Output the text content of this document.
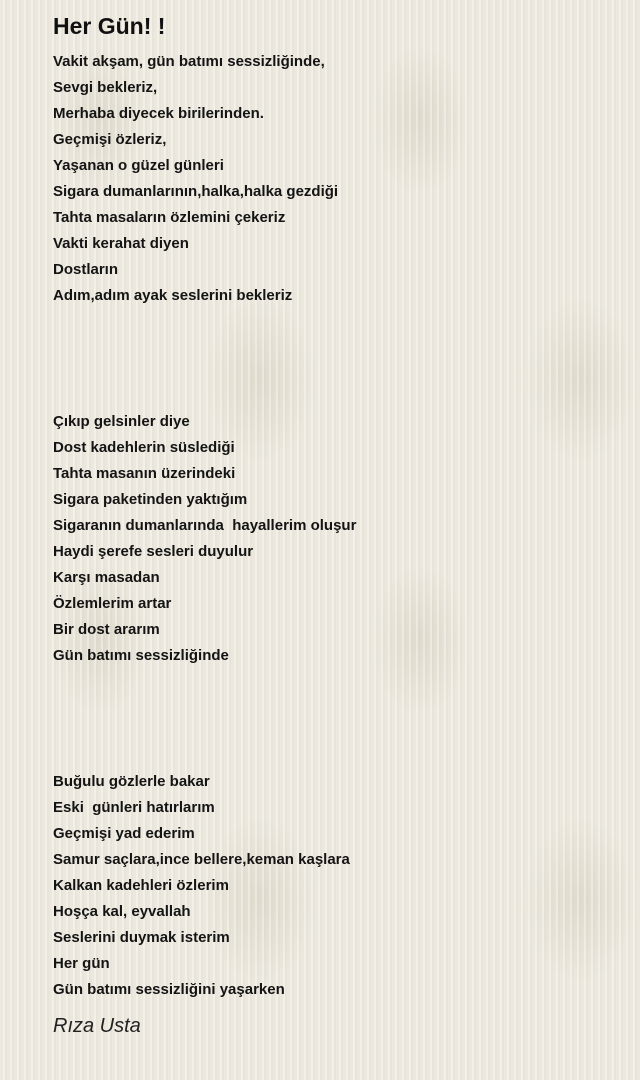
Her Gün! !
Vakit akşam, gün batımı sessizliğinde,
Sevgi bekleriz,
Merhaba diyecek birilerinden.
Geçmişi özleriz,
Yaşanan o güzel günleri
Sigara dumanlarının,halka,halka gezdiği
Tahta masaların özlemini çekeriz
Vakti kerahat diyen
Dostların
Adım,adım ayak seslerini bekleriz
Çıkıp gelsinler diye
Dost kadehlerin süslediği
Tahta masanın üzerindeki
Sigara paketinden yaktığım
Sigaranın dumanlarında  hayallerim oluşur
Haydi şerefe sesleri duyulur
Karşı masadan
Özlemlerim artar
Bir dost ararım
Gün batımı sessizliğinde
Buğulu gözlerle bakar
Eski  günleri hatırlarım
Geçmişi yad ederim
Samur saçlara,ince bellere,keman kaşlara
Kalkan kadehleri özlerim
Hoşça kal, eyvallah
Seslerini duymak isterim
Her gün
Gün batımı sessizliğini yaşarken
Rıza Usta
